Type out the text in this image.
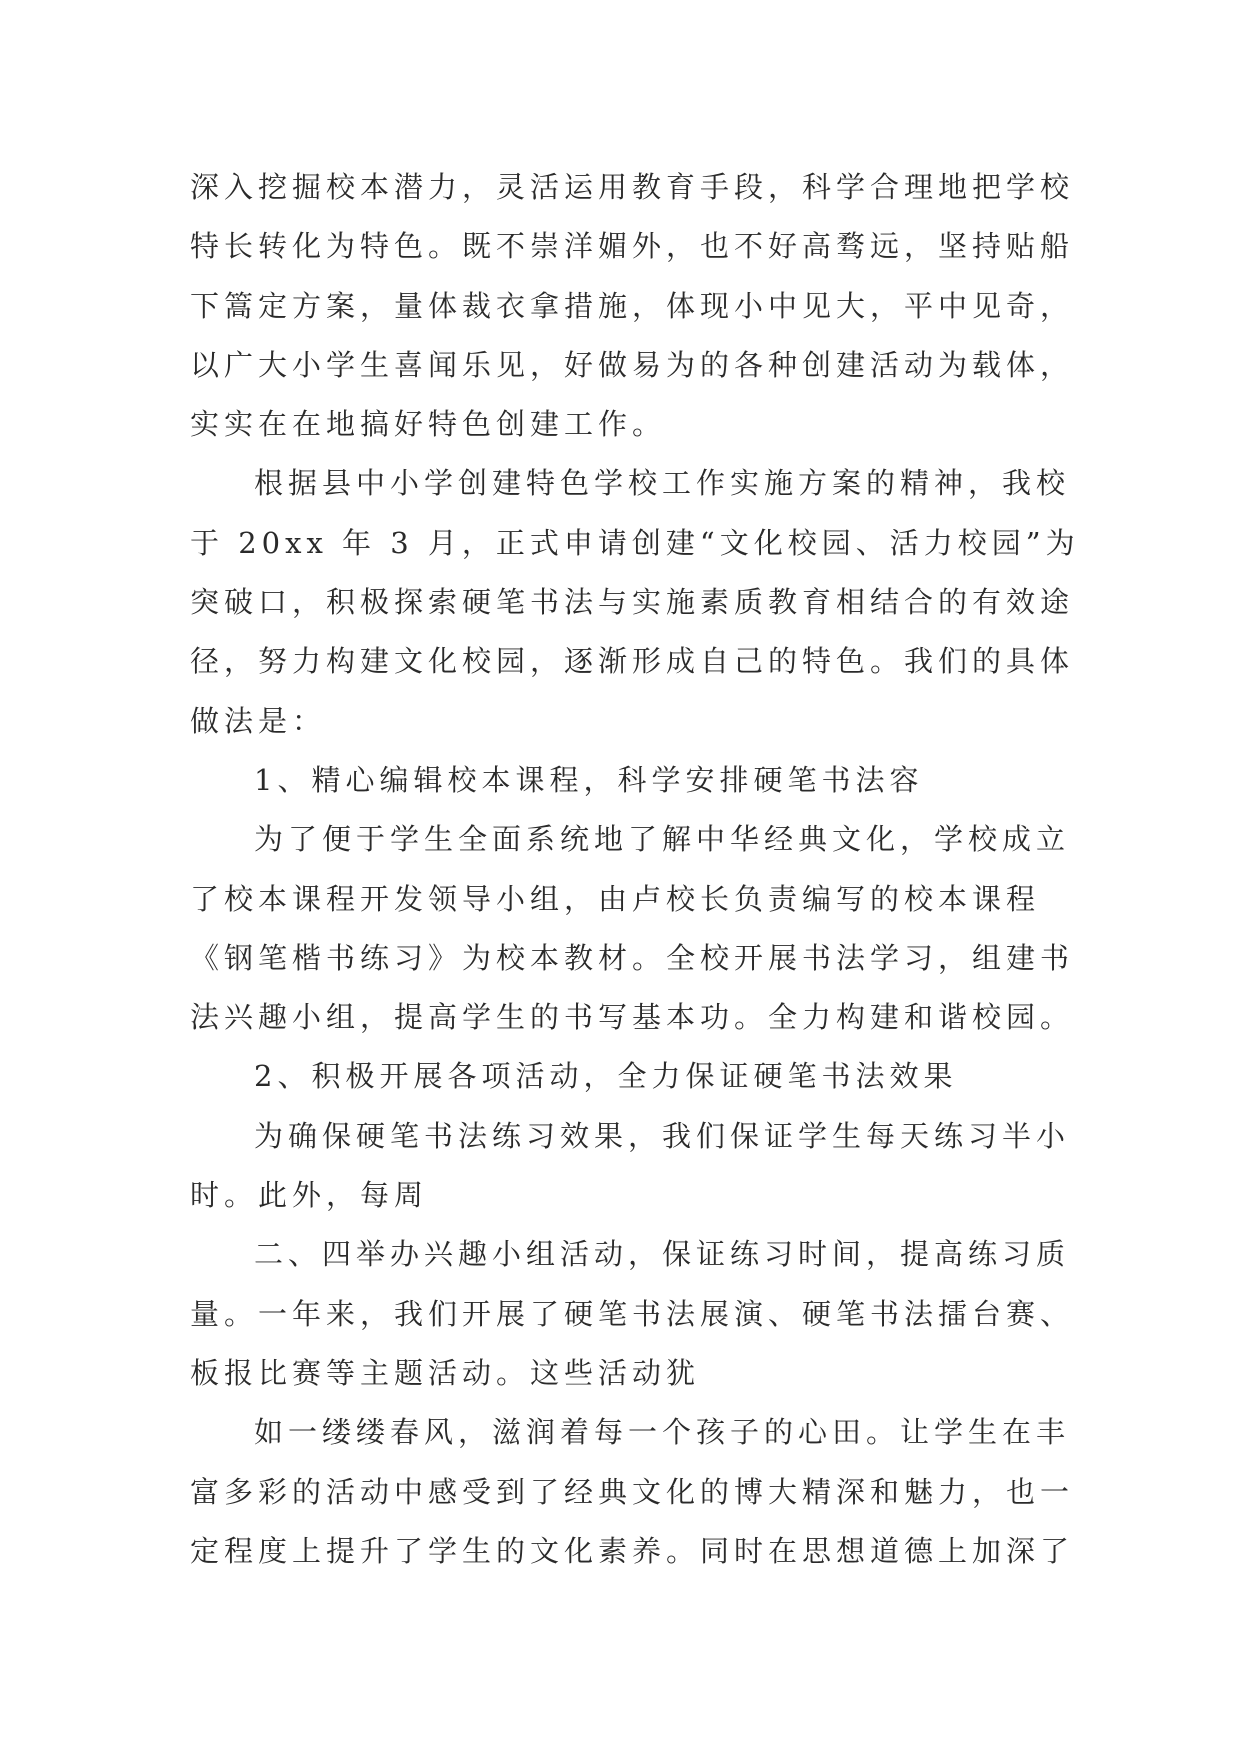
深入挖掘校本潜力，灵活运用教育手段，科学合理地把学校
特长转化为特色。既不崇洋媚外，也不好高骛远，坚持贴船
下篙定方案，量体裁衣拿措施，体现小中见大，平中见奇，
以广大小学生喜闻乐见，好做易为的各种创建活动为载体，
实实在在地搞好特色创建工作。
根据县中小学创建特色学校工作实施方案的精神，我校
于 20xx 年 3 月，正式申请创建“文化校园、活力校园”为
突破口，积极探索硬笔书法与实施素质教育相结合的有效途
径，努力构建文化校园，逐渐形成自己的特色。我们的具体
做法是：
1、精心编辑校本课程，科学安排硬笔书法容
为了便于学生全面系统地了解中华经典文化，学校成立
了校本课程开发领导小组，由卢校长负责编写的校本课程
《钢笔楷书练习》为校本教材。全校开展书法学习，组建书
法兴趣小组，提高学生的书写基本功。全力构建和谐校园。
2、积极开展各项活动，全力保证硬笔书法效果
为确保硬笔书法练习效果，我们保证学生每天练习半小
时。此外，每周
二、四举办兴趣小组活动，保证练习时间，提高练习质
量。一年来，我们开展了硬笔书法展演、硬笔书法擂台赛、
板报比赛等主题活动。这些活动犹
如一缕缕春风，滋润着每一个孩子的心田。让学生在丰
富多彩的活动中感受到了经典文化的博大精深和魅力，也一
定程度上提升了学生的文化素养。同时在思想道德上加深了
